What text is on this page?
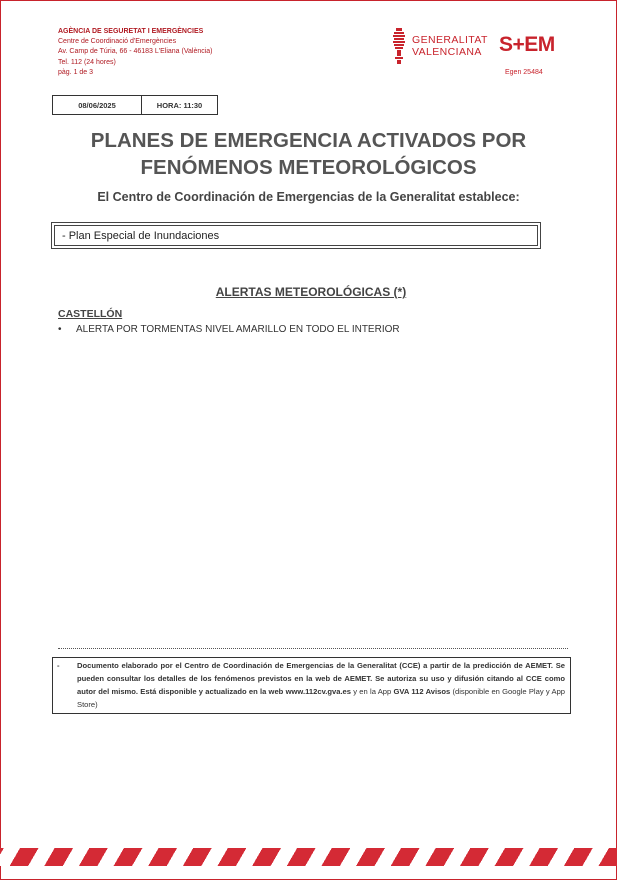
AGÈNCIA DE SEGURETAT I EMERGÈNCIES
Centre de Coordinació d'Emergències
Av. Camp de Túria, 66 - 46183 L'Eliana (València)
Tel. 112 (24 hores)
pàg. 1 de 3
GENERALITAT
VALENCIANA S+EM
Egen 25484
08/06/2025	HORA: 11:30
PLANES DE EMERGENCIA ACTIVADOS POR
FENÓMENOS METEOROLÓGICOS
El Centro de Coordinación de Emergencias de la Generalitat establece:
- Plan Especial de Inundaciones
ALERTAS METEOROLÓGICAS (*)
CASTELLÓN
•	ALERTA POR TORMENTAS NIVEL AMARILLO EN TODO EL INTERIOR
-	Documento elaborado por el Centro de Coordinación de Emergencias de la Generalitat (CCE) a partir de la predicción de AEMET. Se pueden consultar los detalles de los fenómenos previstos en la web de AEMET. Se autoriza su uso y difusión citando al CCE como autor del mismo. Está disponible y actualizado en la web www.112cv.gva.es y en la App GVA 112 Avisos (disponible en Google Play y App Store)
